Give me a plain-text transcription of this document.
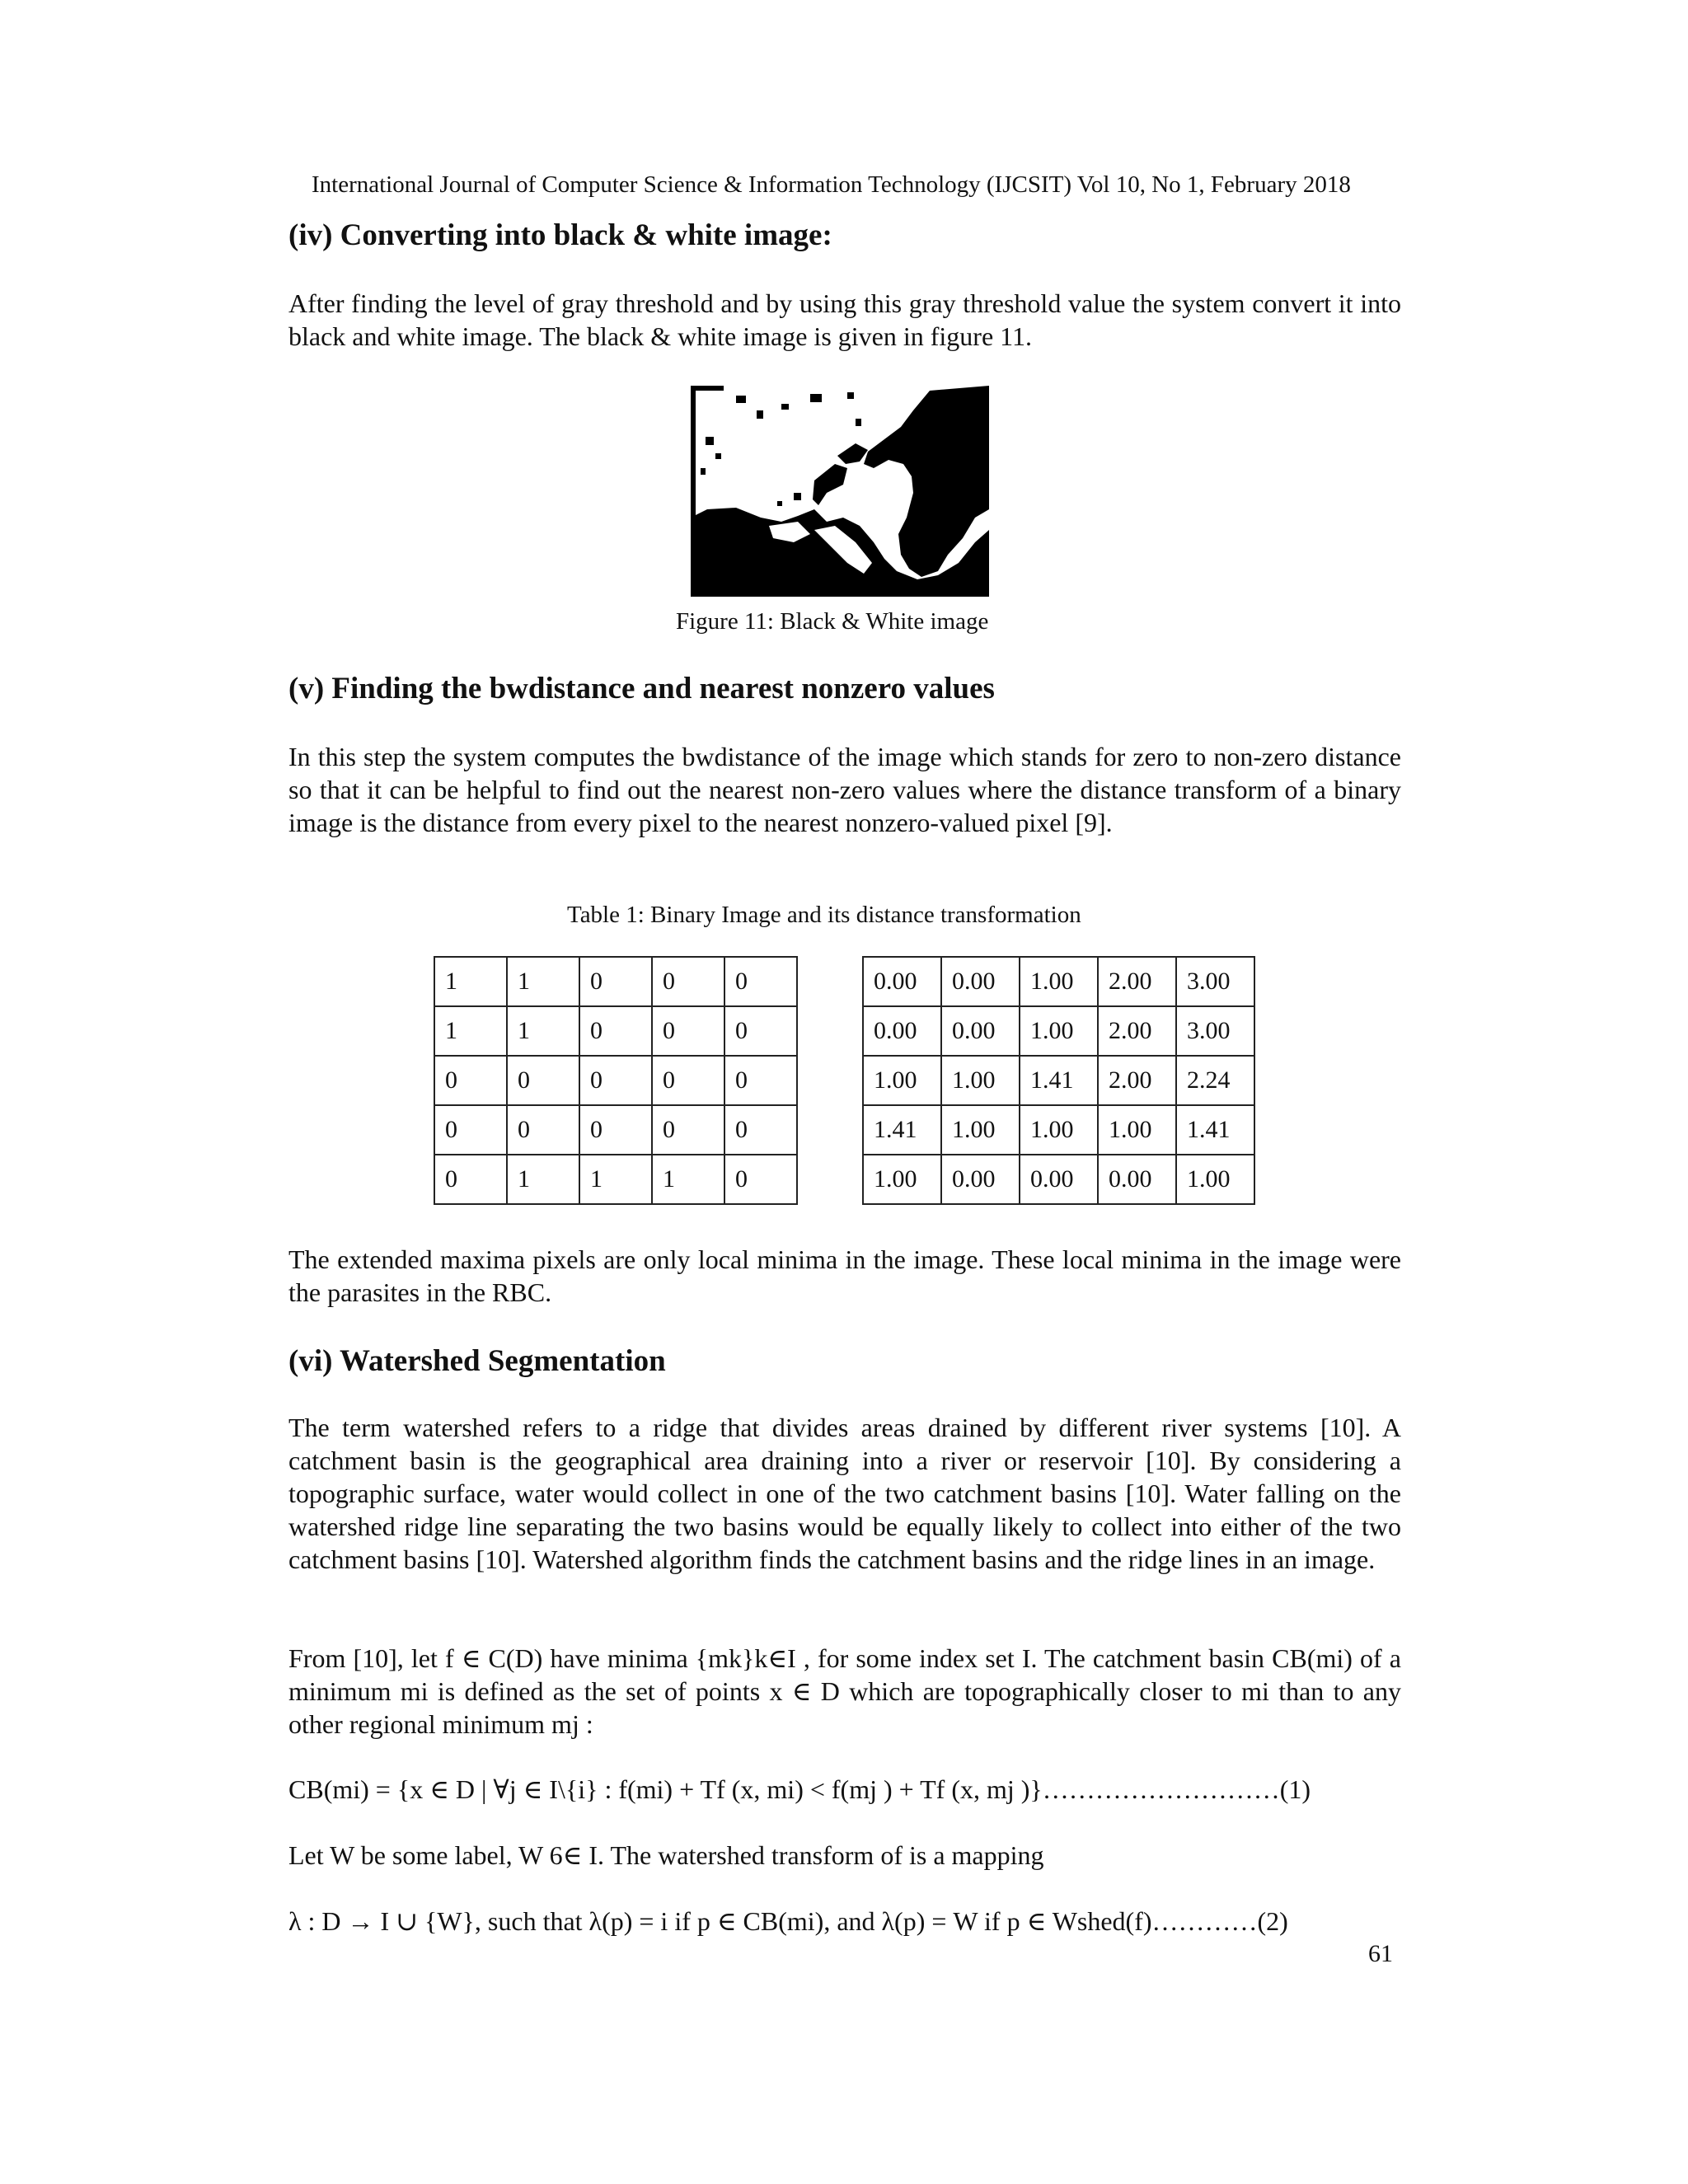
International Journal of Computer Science & Information Technology (IJCSIT) Vol 10, No 1, February 2018
(iv) Converting into black & white image:

After finding the level of gray threshold and by using this gray threshold value the system convert it into black and white image. The black & white image is given in figure 11.

Figure 11: Black & White image
(v) Finding the bwdistance and nearest nonzero values

In this step the system computes the bwdistance of the image which stands for zero to non-zero distance so that it can be helpful to find out the nearest non-zero values where the distance transform of a binary image is the distance from every pixel to the nearest nonzero-valued pixel [9].

Table 1: Binary Image and its distance transformation
1	1	0	0	0
1	1	0	0	0
0	0	0	0	0
0	0	0	0	0
0	1	1	1	0
0.00	0.00	1.00	2.00	3.00
0.00	0.00	1.00	2.00	3.00
1.00	1.00	1.41	2.00	2.24
1.41	1.00	1.00	1.00	1.41
1.00	0.00	0.00	0.00	1.00

The extended maxima pixels are only local minima in the image. These local minima in the image were the parasites in the RBC.

(vi) Watershed Segmentation

The term watershed refers to a ridge that divides areas drained by different river systems [10]. A catchment basin is the geographical area draining into a river or reservoir [10]. By considering a topographic surface, water would collect in one of the two catchment basins [10]. Water falling on the watershed ridge line separating the two basins would be equally likely to collect into either of the two catchment basins [10]. Watershed algorithm finds the catchment basins and the ridge lines in an image.

From [10], let f ∈ C(D) have minima {mk}k∈I , for some index set I. The catchment basin CB(mi) of a minimum mi is defined as the set of points x ∈ D which are topographically closer to mi than to any other regional minimum mj :

CB(mi) = {x ∈ D | ∀j ∈ I\{i} : f(mi) + Tf (x, mi) < f(mj ) + Tf (x, mj )}………………………(1)
Let W be some label, W 6∈ I. The watershed transform of is a mapping
λ : D → I ∪ {W}, such that λ(p) = i if p ∈ CB(mi), and λ(p) = W if p ∈ Wshed(f)…………(2)
61
